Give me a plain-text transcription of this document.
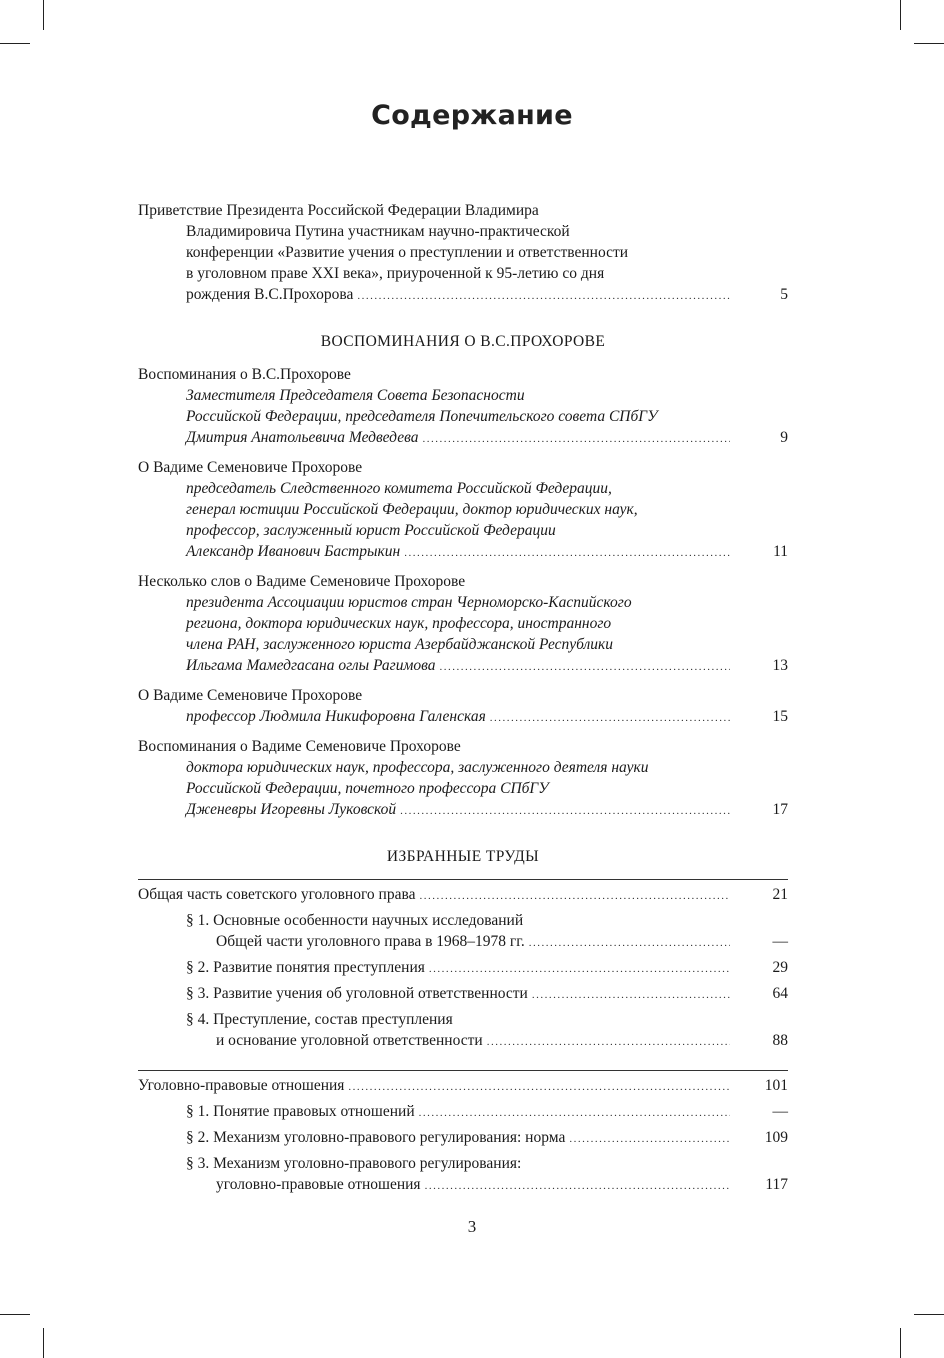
Содержание
Приветствие Президента Российской Федерации Владимира
Владимировича Путина участникам научно-практической
конференции «Развитие учения о преступлении и ответственности
в уголовном праве XXI века», приуроченной к 95-летию со дня
рождения В.С.Прохорова .....	5
ВОСПОМИНАНИЯ О В.С.ПРОХОРОВЕ
Воспоминания о В.С.Прохорове
Заместителя Председателя Совета Безопасности
Российской Федерации, председателя Попечительского совета СПбГУ
Дмитрия Анатольевича Медведева .....	9
О Вадиме Семеновиче Прохорове
председатель Следственного комитета Российской Федерации,
генерал юстиции Российской Федерации, доктор юридических наук,
профессор, заслуженный юрист Российской Федерации
Александр Иванович Бастрыкин .....	11
Несколько слов о Вадиме Семеновиче Прохорове
президента Ассоциации юристов стран Черноморско-Каспийского
региона, доктора юридических наук, профессора, иностранного
члена РАН, заслуженного юриста Азербайджанской Республики
Ильгама Мамедгасана оглы Рагимова .....	13
О Вадиме Семеновиче Прохорове
профессор Людмила Никифоровна Галенская .....	15
Воспоминания о Вадиме Семеновиче Прохорове
доктора юридических наук, профессора, заслуженного деятеля науки
Российской Федерации, почетного профессора СПбГУ
Дженевры Игоревны Луковской .....	17
ИЗБРАННЫЕ ТРУДЫ
Общая часть советского уголовного права .....	21
§ 1. Основные особенности научных исследований
Общей части уголовного права в 1968–1978 гг. .....	—
§ 2. Развитие понятия преступления .....	29
§ 3. Развитие учения об уголовной ответственности .....	64
§ 4. Преступление, состав преступления
и основание уголовной ответственности .....	88
Уголовно-правовые отношения .....	101
§ 1. Понятие правовых отношений .....	—
§ 2. Механизм уголовно-правового регулирования: норма .....	109
§ 3. Механизм уголовно-правового регулирования:
уголовно-правовые отношения .....	117
3
